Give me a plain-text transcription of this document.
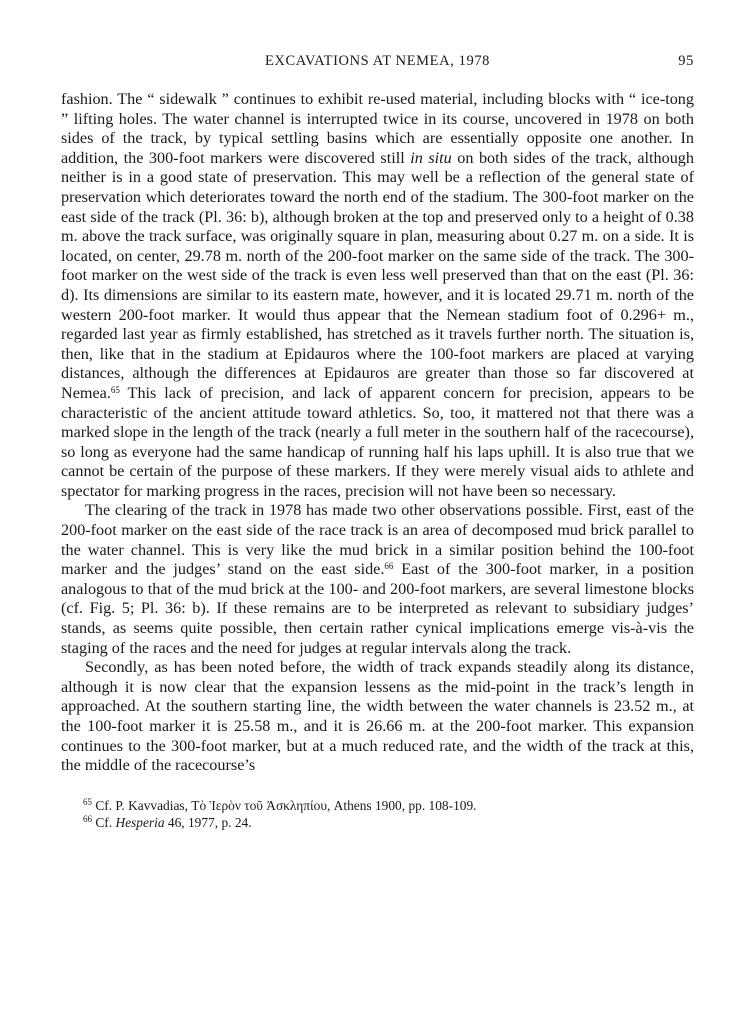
EXCAVATIONS AT NEMEA, 1978	95

fashion. The “ sidewalk ” continues to exhibit re-used material, including blocks with “ ice-tong ” lifting holes. The water channel is interrupted twice in its course, uncovered in 1978 on both sides of the track, by typical settling basins which are essentially opposite one another. In addition, the 300-foot markers were discovered still in situ on both sides of the track, although neither is in a good state of preservation. This may well be a reflection of the general state of preservation which deteriorates toward the north end of the stadium. The 300-foot marker on the east side of the track (Pl. 36: b), although broken at the top and preserved only to a height of 0.38 m. above the track surface, was originally square in plan, measuring about 0.27 m. on a side. It is located, on center, 29.78 m. north of the 200-foot marker on the same side of the track. The 300-foot marker on the west side of the track is even less well preserved than that on the east (Pl. 36: d). Its dimensions are similar to its eastern mate, however, and it is located 29.71 m. north of the western 200-foot marker. It would thus appear that the Nemean stadium foot of 0.296+ m., regarded last year as firmly established, has stretched as it travels further north. The situation is, then, like that in the stadium at Epidauros where the 100-foot markers are placed at varying distances, although the differences at Epidauros are greater than those so far discovered at Nemea.$^{65}$ This lack of precision, and lack of apparent concern for precision, appears to be characteristic of the ancient attitude toward athletics. So, too, it mattered not that there was a marked slope in the length of the track (nearly a full meter in the southern half of the racecourse), so long as everyone had the same handicap of running half his laps uphill. It is also true that we cannot be certain of the purpose of these markers. If they were merely visual aids to athlete and spectator for marking progress in the races, precision will not have been so necessary.

The clearing of the track in 1978 has made two other observations possible. First, east of the 200-foot marker on the east side of the race track is an area of decomposed mud brick parallel to the water channel. This is very like the mud brick in a similar position behind the 100-foot marker and the judges’ stand on the east side.$^{66}$ East of the 300-foot marker, in a position analogous to that of the mud brick at the 100- and 200-foot markers, are several limestone blocks (cf. Fig. 5; Pl. 36: b). If these remains are to be interpreted as relevant to subsidiary judges’ stands, as seems quite possible, then certain rather cynical implications emerge vis-à-vis the staging of the races and the need for judges at regular intervals along the track.

Secondly, as has been noted before, the width of track expands steadily along its distance, although it is now clear that the expansion lessens as the mid-point in the track’s length in approached. At the southern starting line, the width between the water channels is 23.52 m., at the 100-foot marker it is 25.58 m., and it is 26.66 m. at the 200-foot marker. This expansion continues to the 300-foot marker, but at a much reduced rate, and the width of the track at this, the middle of the racecourse’s

$^{65}$ Cf. P. Kavvadias, Τὸ Ἱερὸν τοῦ Ἀσκληπίου, Athens 1900, pp. 108-109.

$^{66}$ Cf. Hesperia 46, 1977, p. 24.
